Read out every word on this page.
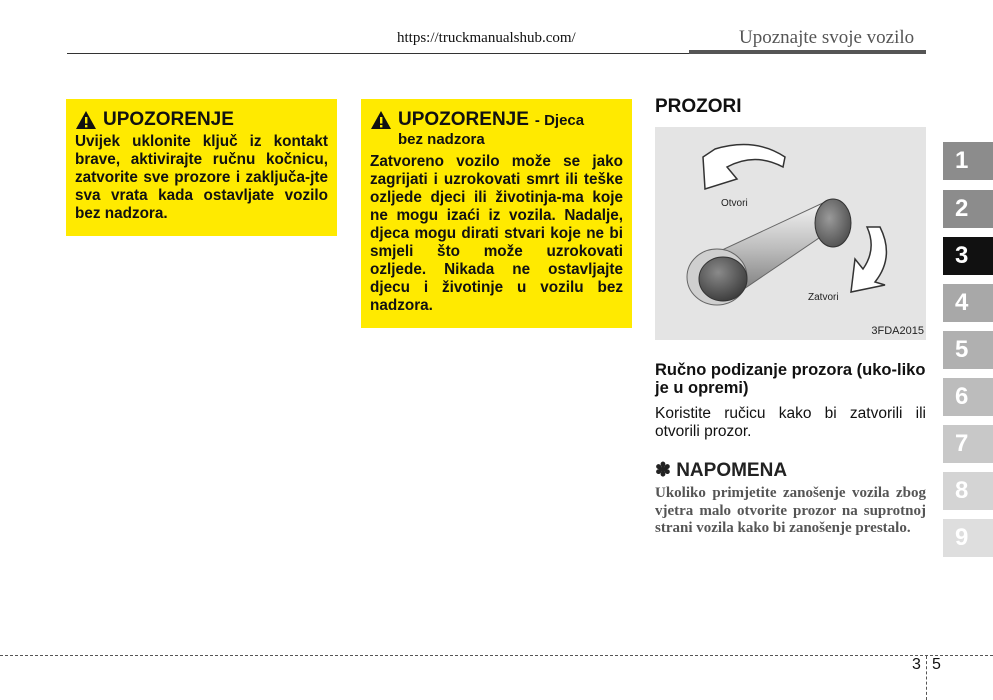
https://truckmanualshub.com/	Upoznajte svoje vozilo
UPOZORENJE
Uvijek uklonite ključ iz kontakt brave, aktivirajte ručnu kočnicu, zatvorite sve prozore i zaključa-jte sva vrata kada ostavljate vozilo bez nadzora.
UPOZORENJE - Djeca
bez nadzora
Zatvoreno vozilo može se jako zagrijati i uzrokovati smrt ili teške ozljede djeci ili životinja-ma koje ne mogu izaći iz vozila. Nadalje, djeca mogu dirati stvari koje ne bi smjeli što može uzrokovati ozljede. Nikada ne ostavljajte djecu i životinje u vozilu bez nadzora.
PROZORI
Otvori
Zatvori
3FDA2015
Ručno podizanje prozora (uko-liko je u opremi)
Koristite ručicu kako bi zatvorili ili otvorili prozor.
✽ NAPOMENA
Ukoliko primjetite zanošenje vozila zbog vjetra malo otvorite prozor na suprotnoj strani vozila kako bi zanošenje prestalo.
1
2
3
4
5
6
7
8
9
3 5
